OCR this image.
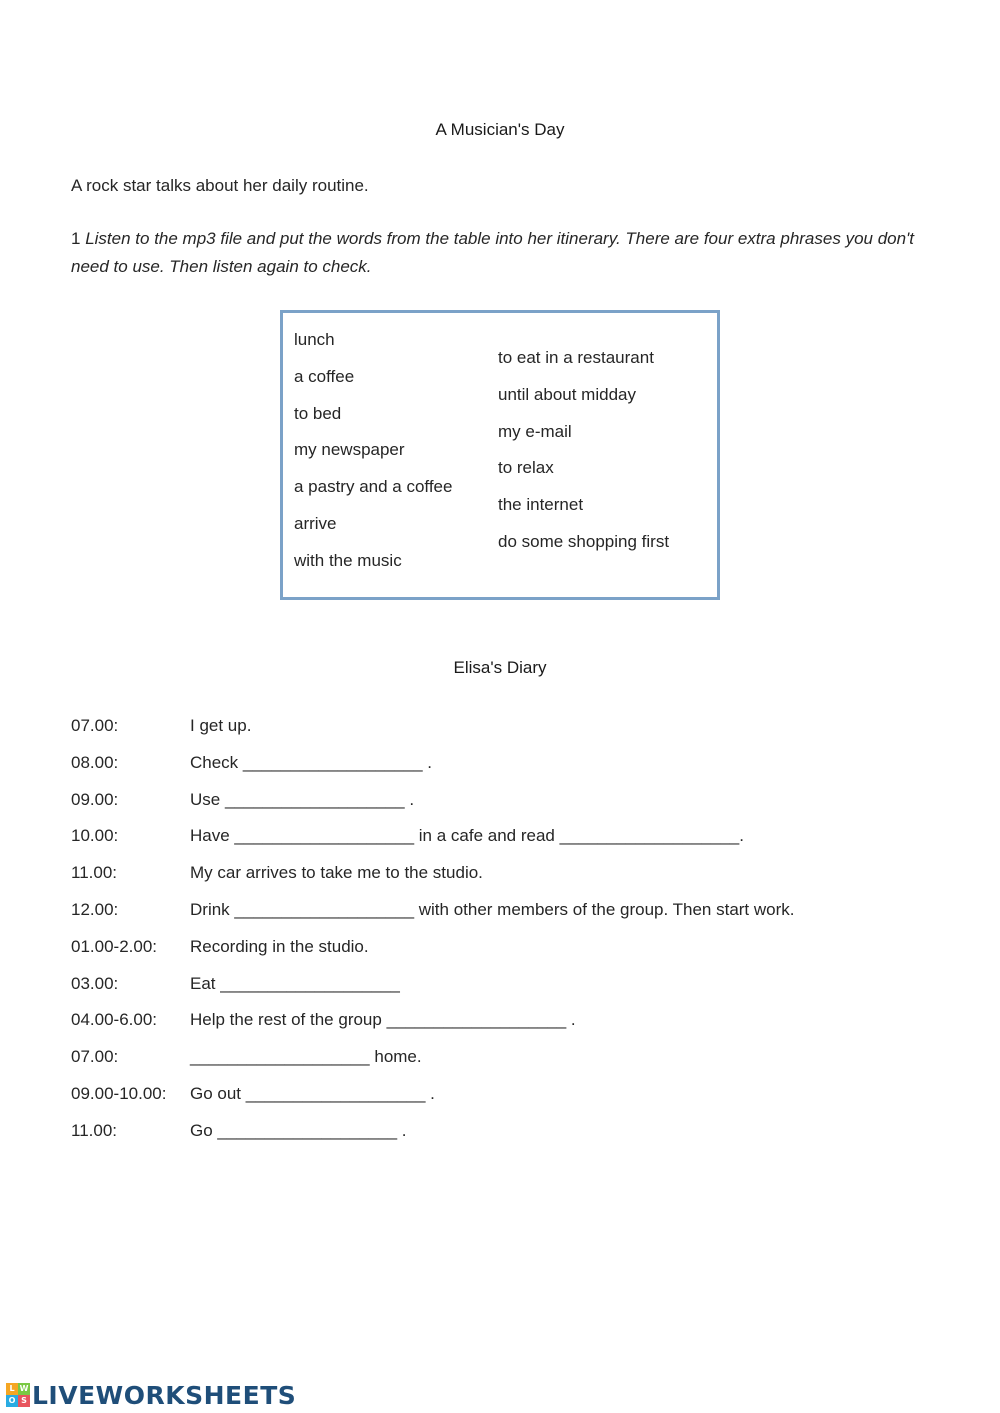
A Musician's Day
A rock star talks about her daily routine.
1 Listen to the mp3 file and put the words from the table into her itinerary. There are four extra phrases you don't need to use. Then listen again to check.
lunch
a coffee
to bed
my newspaper
a pastry and a coffee
arrive
with the music
to eat in a restaurant
until about midday
my e-mail
to relax
the internet
do some shopping first
Elisa's Diary
07.00:	I get up.
08.00:	Check ___________________ .
09.00:	Use ___________________ .
10.00:	Have ___________________ in a cafe and read ___________________.
11.00:	My car arrives to take me to the studio.
12.00:	Drink ___________________ with other members of the group. Then start work.
01.00-2.00:	Recording in the studio.
03.00:	Eat ___________________
04.00-6.00:	Help the rest of the group ___________________ .
07.00:	___________________ home.
09.00-10.00:	Go out ___________________ .
11.00:	Go ___________________ .
L W
O S LIVEWORKSHEETS
